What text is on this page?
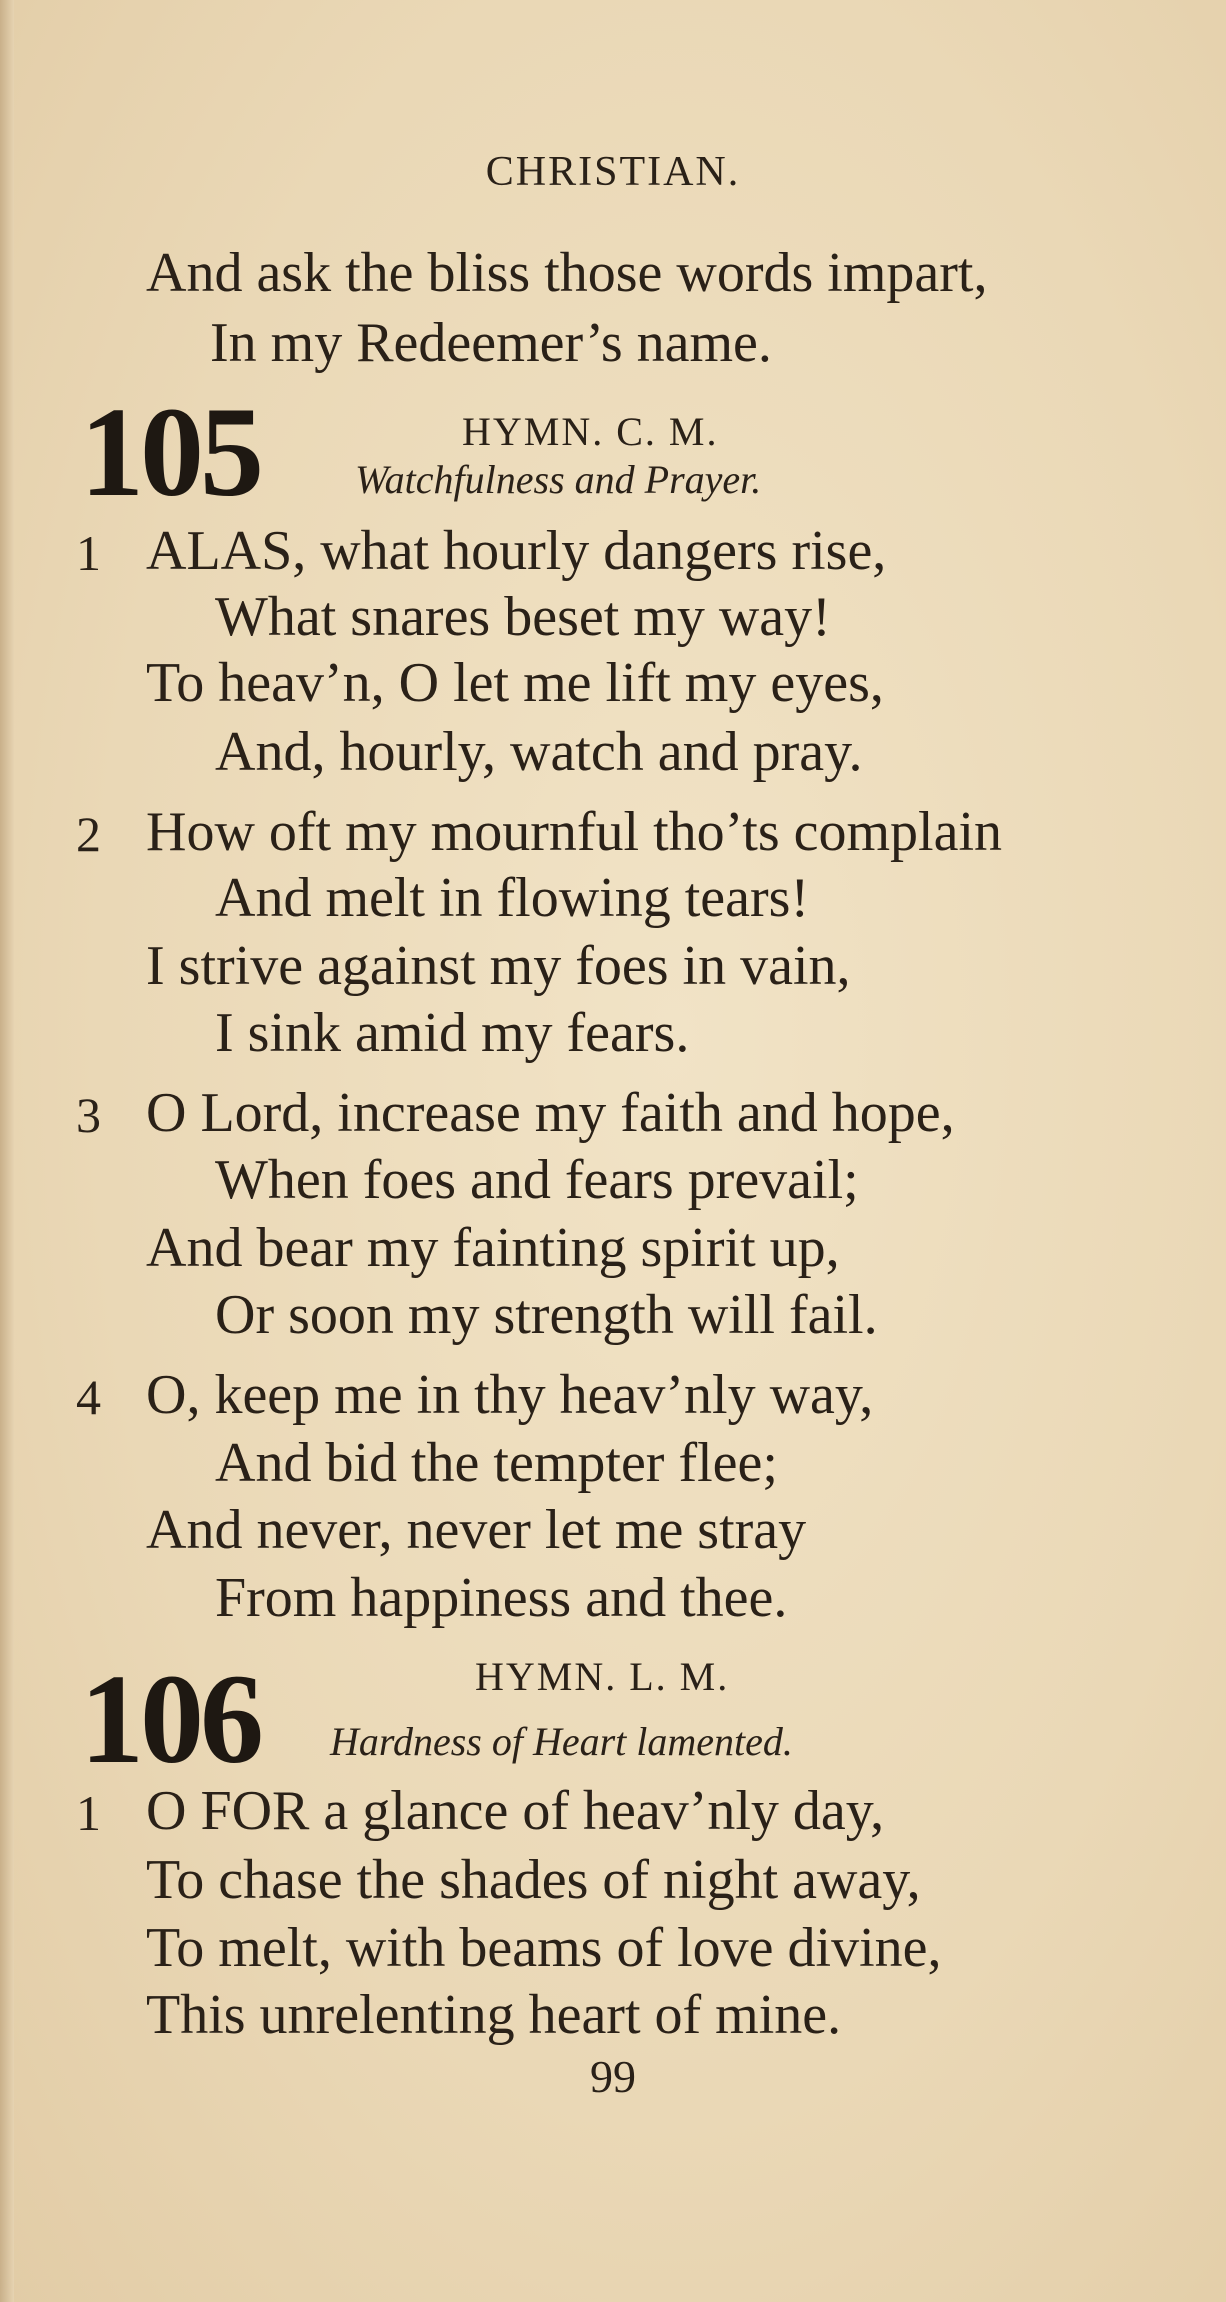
CHRISTIAN.
And ask the bliss those words impart,
In my Redeemer’s name.
105	HYMN. C. M.
Watchfulness and Prayer.
1 ALAS, what hourly dangers rise,
What snares beset my way!
To heav’n, O let me lift my eyes,
And, hourly, watch and pray.
2 How oft my mournful tho’ts complain
And melt in flowing tears!
I strive against my foes in vain,
I sink amid my fears.
3 O Lord, increase my faith and hope,
When foes and fears prevail;
And bear my fainting spirit up,
Or soon my strength will fail.
4 O, keep me in thy heav’nly way,
And bid the tempter flee;
And never, never let me stray
From happiness and thee.
106	HYMN. L. M.
Hardness of Heart lamented.
1 O FOR a glance of heav’nly day,
To chase the shades of night away,
To melt, with beams of love divine,
This unrelenting heart of mine.
99
